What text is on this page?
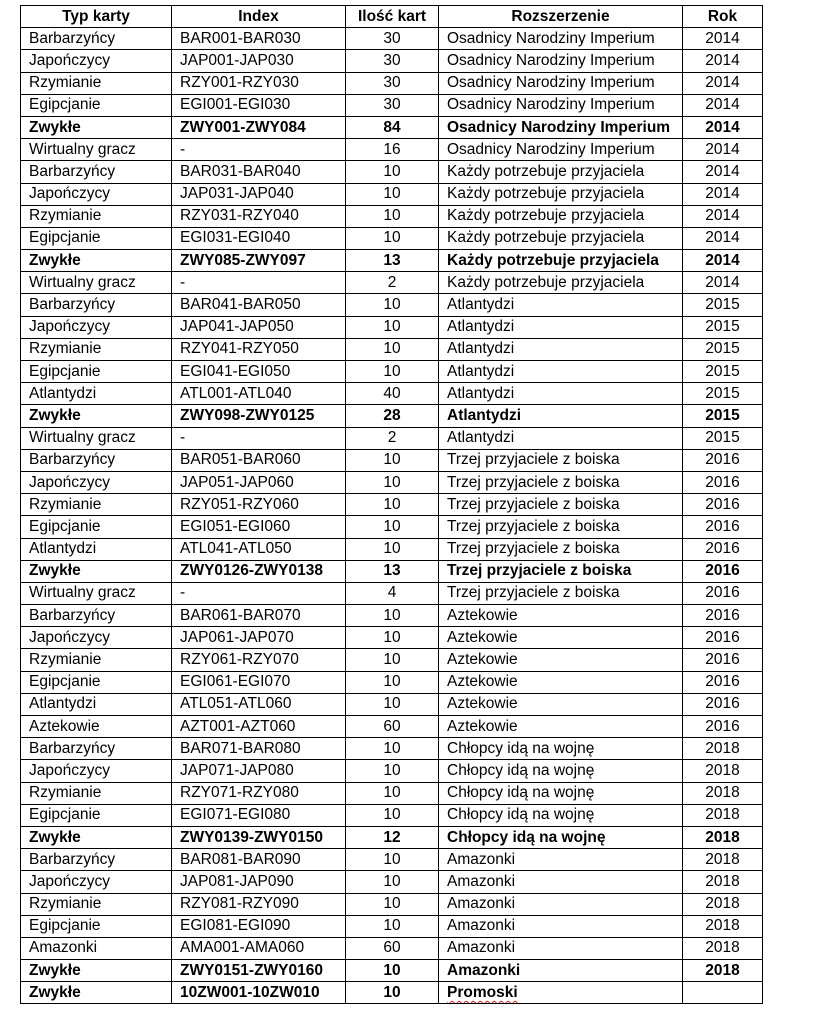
Typ karty	Index	Ilość kart	Rozszerzenie	Rok
Barbarzyńcy	BAR001-BAR030	30	Osadnicy Narodziny Imperium	2014
Japończycy	JAP001-JAP030	30	Osadnicy Narodziny Imperium	2014
Rzymianie	RZY001-RZY030	30	Osadnicy Narodziny Imperium	2014
Egipcjanie	EGI001-EGI030	30	Osadnicy Narodziny Imperium	2014
Zwykłe	ZWY001-ZWY084	84	Osadnicy Narodziny Imperium	2014
Wirtualny gracz	-	16	Osadnicy Narodziny Imperium	2014
Barbarzyńcy	BAR031-BAR040	10	Każdy potrzebuje przyjaciela	2014
Japończycy	JAP031-JAP040	10	Każdy potrzebuje przyjaciela	2014
Rzymianie	RZY031-RZY040	10	Każdy potrzebuje przyjaciela	2014
Egipcjanie	EGI031-EGI040	10	Każdy potrzebuje przyjaciela	2014
Zwykłe	ZWY085-ZWY097	13	Każdy potrzebuje przyjaciela	2014
Wirtualny gracz	-	2	Każdy potrzebuje przyjaciela	2014
Barbarzyńcy	BAR041-BAR050	10	Atlantydzi	2015
Japończycy	JAP041-JAP050	10	Atlantydzi	2015
Rzymianie	RZY041-RZY050	10	Atlantydzi	2015
Egipcjanie	EGI041-EGI050	10	Atlantydzi	2015
Atlantydzi	ATL001-ATL040	40	Atlantydzi	2015
Zwykłe	ZWY098-ZWY0125	28	Atlantydzi	2015
Wirtualny gracz	-	2	Atlantydzi	2015
Barbarzyńcy	BAR051-BAR060	10	Trzej przyjaciele z boiska	2016
Japończycy	JAP051-JAP060	10	Trzej przyjaciele z boiska	2016
Rzymianie	RZY051-RZY060	10	Trzej przyjaciele z boiska	2016
Egipcjanie	EGI051-EGI060	10	Trzej przyjaciele z boiska	2016
Atlantydzi	ATL041-ATL050	10	Trzej przyjaciele z boiska	2016
Zwykłe	ZWY0126-ZWY0138	13	Trzej przyjaciele z boiska	2016
Wirtualny gracz	-	4	Trzej przyjaciele z boiska	2016
Barbarzyńcy	BAR061-BAR070	10	Aztekowie	2016
Japończycy	JAP061-JAP070	10	Aztekowie	2016
Rzymianie	RZY061-RZY070	10	Aztekowie	2016
Egipcjanie	EGI061-EGI070	10	Aztekowie	2016
Atlantydzi	ATL051-ATL060	10	Aztekowie	2016
Aztekowie	AZT001-AZT060	60	Aztekowie	2016
Barbarzyńcy	BAR071-BAR080	10	Chłopcy idą na wojnę	2018
Japończycy	JAP071-JAP080	10	Chłopcy idą na wojnę	2018
Rzymianie	RZY071-RZY080	10	Chłopcy idą na wojnę	2018
Egipcjanie	EGI071-EGI080	10	Chłopcy idą na wojnę	2018
Zwykłe	ZWY0139-ZWY0150	12	Chłopcy idą na wojnę	2018
Barbarzyńcy	BAR081-BAR090	10	Amazonki	2018
Japończycy	JAP081-JAP090	10	Amazonki	2018
Rzymianie	RZY081-RZY090	10	Amazonki	2018
Egipcjanie	EGI081-EGI090	10	Amazonki	2018
Amazonki	AMA001-AMA060	60	Amazonki	2018
Zwykłe	ZWY0151-ZWY0160	10	Amazonki	2018
Zwykłe	10ZW001-10ZW010	10	Promoski	
